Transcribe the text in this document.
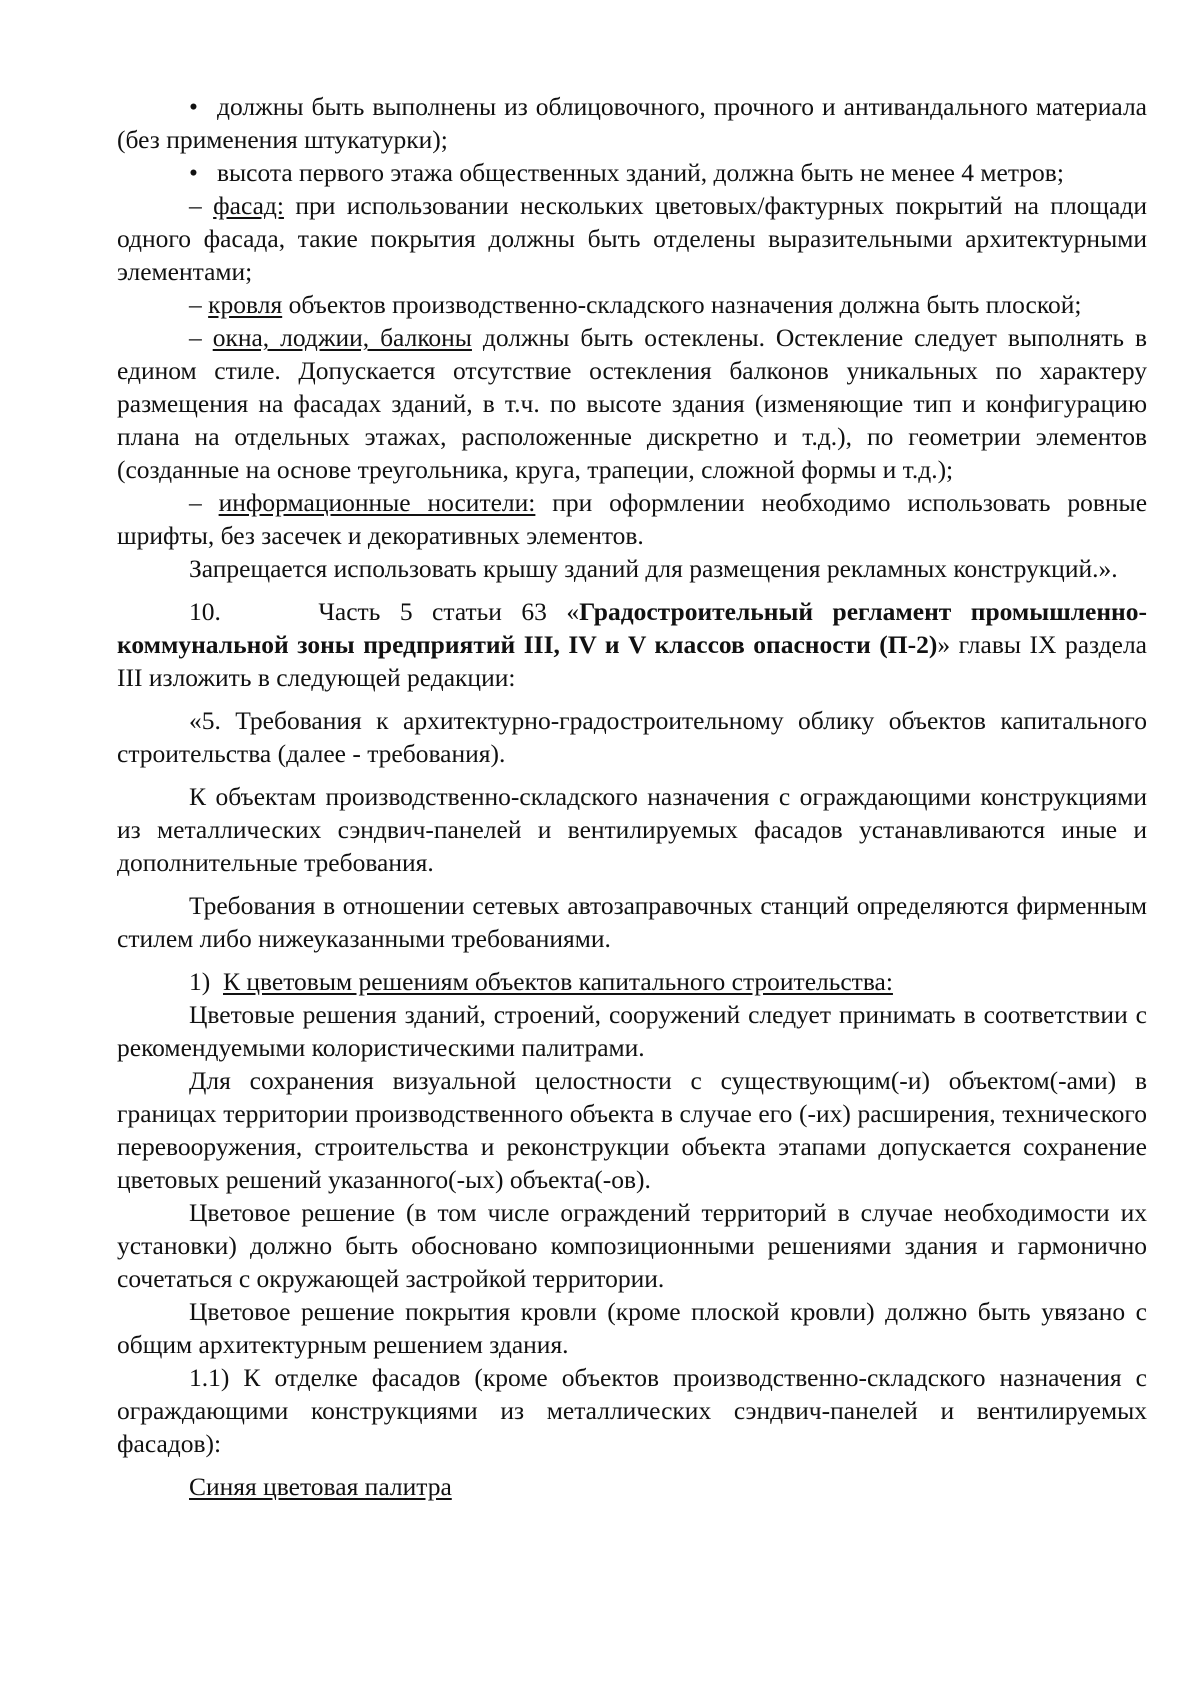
• должны быть выполнены из облицовочного, прочного и антивандального материала (без применения штукатурки);

• высота первого этажа общественных зданий, должна быть не менее 4 метров;

– фасад: при использовании нескольких цветовых/фактурных покрытий на площади одного фасада, такие покрытия должны быть отделены выразительными архитектурными элементами;

– кровля объектов производственно-складского назначения должна быть плоской;

– окна, лоджии, балконы должны быть остеклены. Остекление следует выполнять в едином стиле. Допускается отсутствие остекления балконов уникальных по характеру размещения на фасадах зданий, в т.ч. по высоте здания (изменяющие тип и конфигурацию плана на отдельных этажах, расположенные дискретно и т.д.), по геометрии элементов (созданные на основе треугольника, круга, трапеции, сложной формы и т.д.);

– информационные носители: при оформлении необходимо использовать ровные шрифты, без засечек и декоративных элементов.

Запрещается использовать крышу зданий для размещения рекламных конструкций.».

10.	Часть 5 статьи 63 «Градостроительный регламент промышленно-коммунальной зоны предприятий III, IV и V классов опасности (П-2)» главы IX раздела III изложить в следующей редакции:

«5. Требования к архитектурно-градостроительному облику объектов капитального строительства (далее - требования).

К объектам производственно-складского назначения с ограждающими конструкциями из металлических сэндвич-панелей и вентилируемых фасадов устанавливаются иные и дополнительные требования.

Требования в отношении сетевых автозаправочных станций определяются фирменным стилем либо нижеуказанными требованиями.

1) К цветовым решениям объектов капитального строительства:

Цветовые решения зданий, строений, сооружений следует принимать в соответствии с рекомендуемыми колористическими палитрами.

Для сохранения визуальной целостности с существующим(-и) объектом(-ами) в границах территории производственного объекта в случае его (-их) расширения, технического перевооружения, строительства и реконструкции объекта этапами допускается сохранение цветовых решений указанного(-ых) объекта(-ов).

Цветовое решение (в том числе ограждений территорий в случае необходимости их установки) должно быть обосновано композиционными решениями здания и гармонично сочетаться с окружающей застройкой территории.

Цветовое решение покрытия кровли (кроме плоской кровли) должно быть увязано с общим архитектурным решением здания.

1.1) К отделке фасадов (кроме объектов производственно-складского назначения с ограждающими конструкциями из металлических сэндвич-панелей и вентилируемых фасадов):

Синяя цветовая палитра
